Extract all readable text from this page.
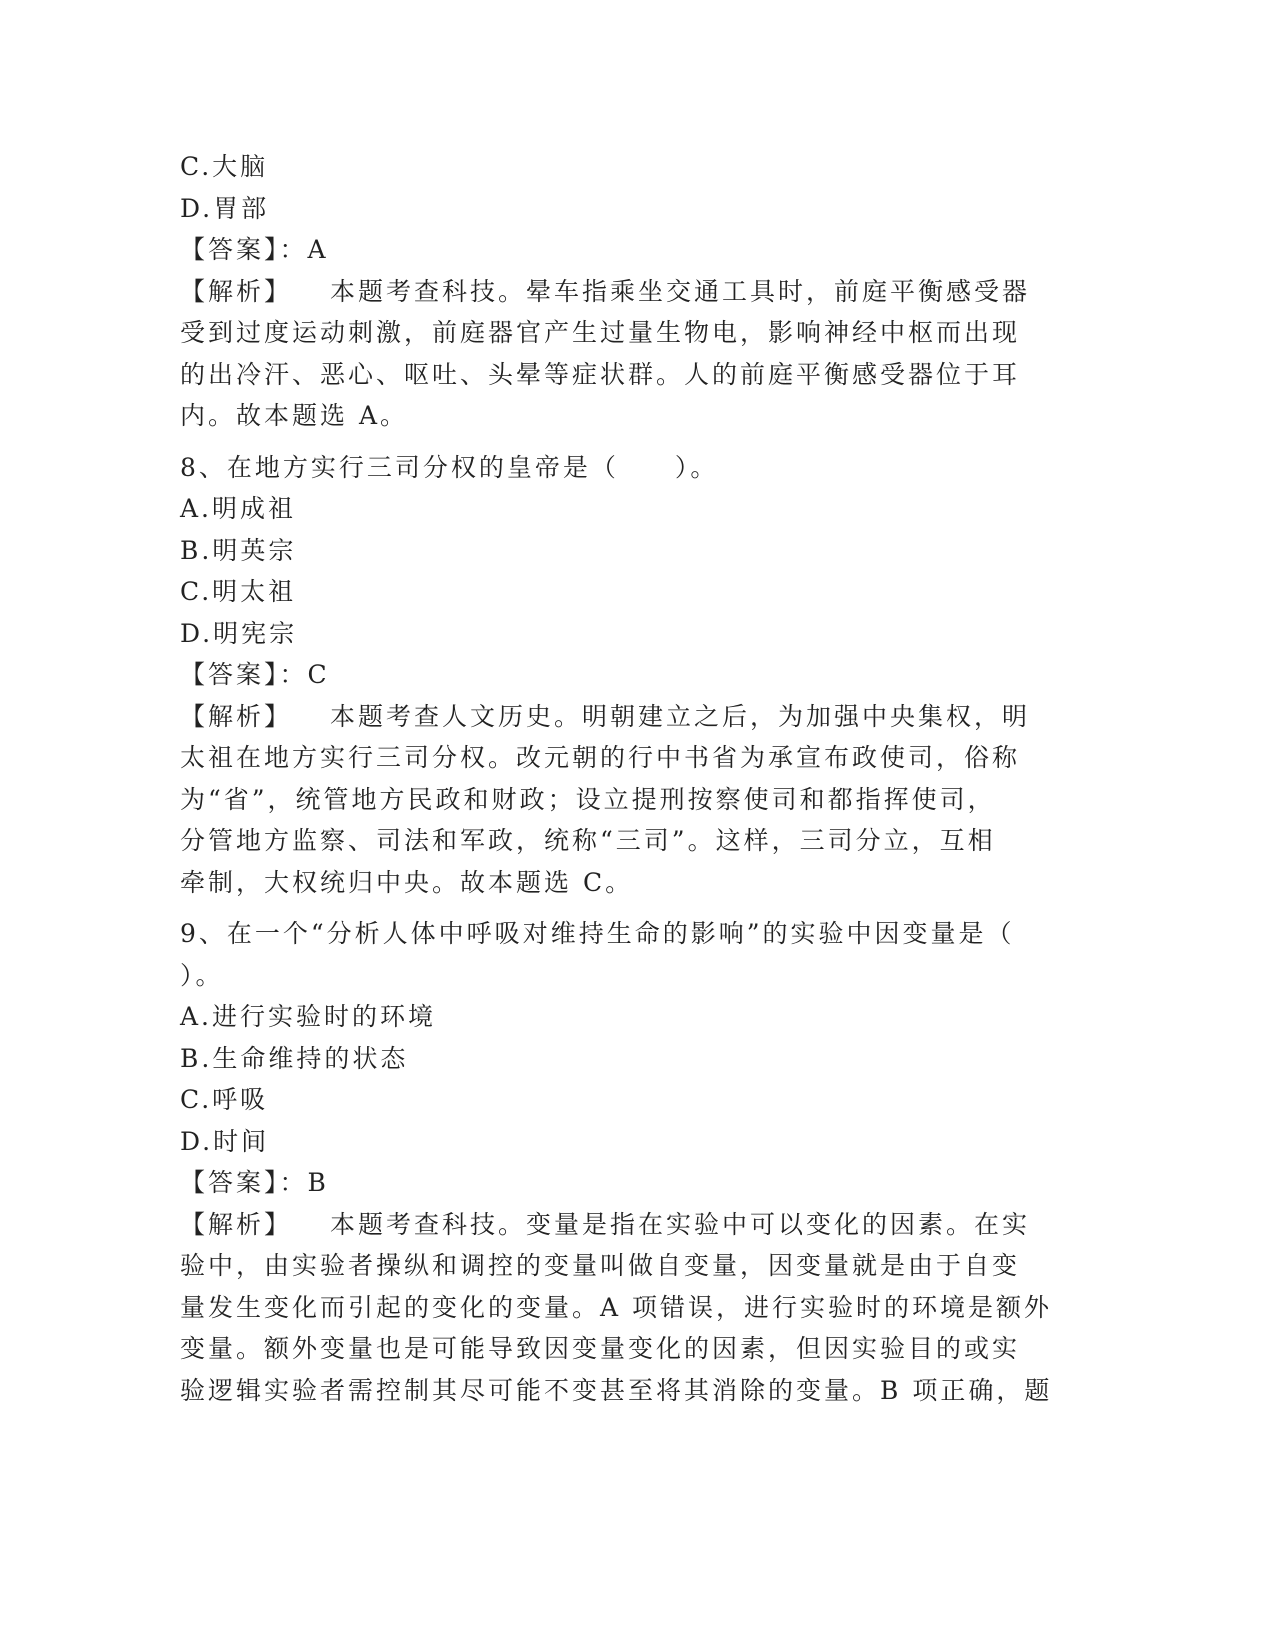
C.大脑
D.胃部
【答案】：A
【解析】 本题考查科技。晕车指乘坐交通工具时，前庭平衡感受器
受到过度运动刺激，前庭器官产生过量生物电，影响神经中枢而出现
的出冷汗、恶心、呕吐、头晕等症状群。人的前庭平衡感受器位于耳
内。故本题选 A。
8、在地方实行三司分权的皇帝是（　　）。
A.明成祖
B.明英宗
C.明太祖
D.明宪宗
【答案】：C
【解析】 本题考查人文历史。明朝建立之后，为加强中央集权，明
太祖在地方实行三司分权。改元朝的行中书省为承宣布政使司，俗称
为“省”，统管地方民政和财政；设立提刑按察使司和都指挥使司，
分管地方监察、司法和军政，统称“三司”。这样，三司分立，互相
牵制，大权统归中央。故本题选 C。
9、在一个“分析人体中呼吸对维持生命的影响”的实验中因变量是（
）。
A.进行实验时的环境
B.生命维持的状态
C.呼吸
D.时间
【答案】：B
【解析】 本题考查科技。变量是指在实验中可以变化的因素。在实
验中，由实验者操纵和调控的变量叫做自变量，因变量就是由于自变
量发生变化而引起的变化的变量。A 项错误，进行实验时的环境是额外
变量。额外变量也是可能导致因变量变化的因素，但因实验目的或实
验逻辑实验者需控制其尽可能不变甚至将其消除的变量。B 项正确，题
